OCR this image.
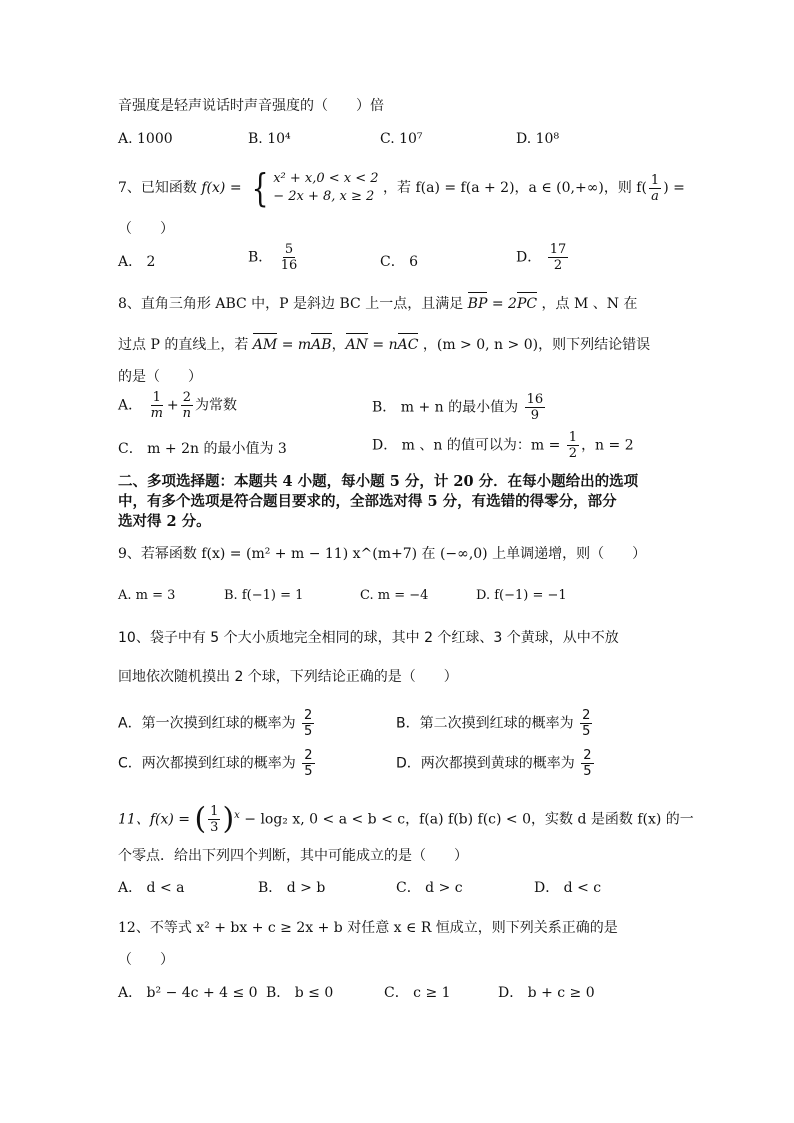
音强度是轻声说话时声音强度的（　　）倍
A. 1000	B. 10⁴	C. 10⁷	D. 10⁸
7、已知函数 f(x) = { x² + x,0 < x < 2
− 2x + 8, x ≥ 2
，若 f(a) = f(a + 2)，a ∈ (0,+∞)，则 $f( \frac{1}{a}$ ) =
（　　）
A． 2	B． $\frac{5}{16}$	C． 6	D． $\frac{17}{2}$
8、直角三角形 ABC 中，P 是斜边 BC 上一点，且满足 BP = 2PC ，点 M 、N 在
过点 P 的直线上，若 AM = mAB，AN = nAC ，(m > 0, n > 0)，则下列结论错误
的是（　　）
A． $\frac{1}{m} + \frac{2}{n}$ 为常数	B． m + n 的最小值为 $\frac{16}{9}$
C． m + 2n 的最小值为 3	D． m 、n 的值可以为：$m = \frac{1}{2}$ ，n = 2
二、多项选择题：本题共 4 小题，每小题 5 分，计 20 分．在每小题给出的选项
中，有多个选项是符合题目要求的，全部选对得 5 分，有选错的得零分，部分
选对得 2 分。
9、若幂函数 f(x) = (m² + m − 11) x^(m+7) 在 (−∞,0) 上单调递增，则（　　）
A. m = 3	B. f(−1) = 1	C. m = −4	D. f(−1) = −1
10、袋子中有 5 个大小质地完全相同的球，其中 2 个红球、3 个黄球，从中不放
回地依次随机摸出 2 个球，下列结论正确的是（　　）
A．第一次摸到红球的概率为 $\frac{2}{5}$	B．第二次摸到红球的概率为 $\frac{2}{5}$
C．两次都摸到红球的概率为 $\frac{2}{5}$	D．两次都摸到黄球的概率为 $\frac{2}{5}$
11、f(x) = ( $\frac{1}{3} )^x - \log_2$ x, 0 < a < b < c，f(a) f(b) f(c) < 0，实数 d 是函数 f(x) 的一
个零点．给出下列四个判断，其中可能成立的是（　　）
A． d < a	B． d > b	C． d > c	D． d < c
12、不等式 x² + bx + c ≥ 2x + b 对任意 x ∈ R 恒成立，则下列关系正确的是
（　　）
A． b² − 4c + 4 ≤ 0 B． b ≤ 0	C． c ≥ 1	D． b + c ≥ 0
